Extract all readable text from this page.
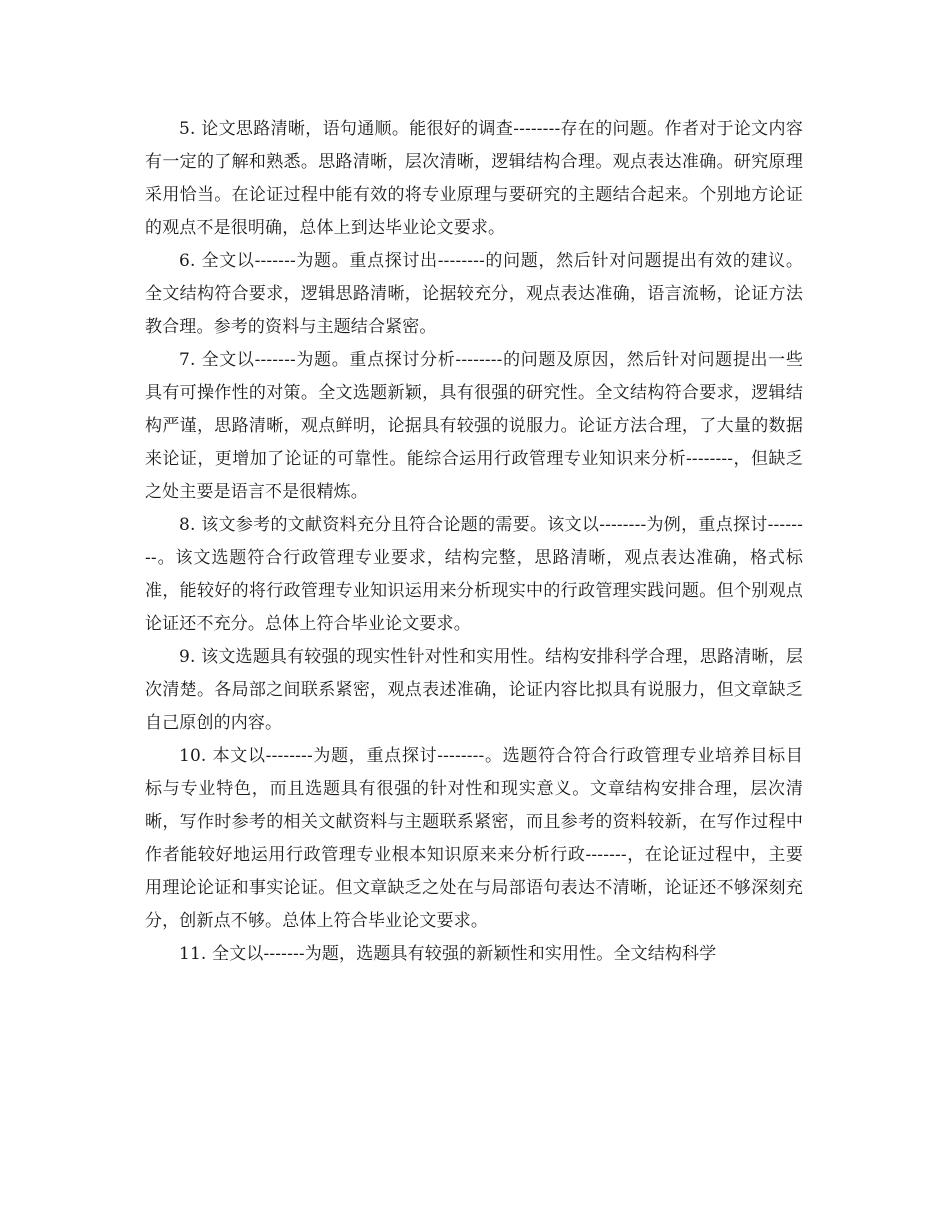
5. 论文思路清晰，语句通顺。能很好的调查--------存在的问题。作者对于论文内容有一定的了解和熟悉。思路清晰，层次清晰，逻辑结构合理。观点表达准确。研究原理采用恰当。在论证过程中能有效的将专业原理与要研究的主题结合起来。个别地方论证的观点不是很明确，总体上到达毕业论文要求。

6. 全文以-------为题。重点探讨出--------的问题，然后针对问题提出有效的建议。全文结构符合要求，逻辑思路清晰，论据较充分，观点表达准确，语言流畅，论证方法教合理。参考的资料与主题结合紧密。

7. 全文以-------为题。重点探讨分析--------的问题及原因，然后针对问题提出一些具有可操作性的对策。全文选题新颖，具有很强的研究性。全文结构符合要求，逻辑结构严谨，思路清晰，观点鲜明，论据具有较强的说服力。论证方法合理，了大量的数据来论证，更增加了论证的可靠性。能综合运用行政管理专业知识来分析--------，但缺乏之处主要是语言不是很精炼。

8. 该文参考的文献资料充分且符合论题的需要。该文以--------为例，重点探讨--------。该文选题符合行政管理专业要求，结构完整，思路清晰，观点表达准确，格式标准，能较好的将行政管理专业知识运用来分析现实中的行政管理实践问题。但个别观点论证还不充分。总体上符合毕业论文要求。

9. 该文选题具有较强的现实性针对性和实用性。结构安排科学合理，思路清晰，层次清楚。各局部之间联系紧密，观点表述准确，论证内容比拟具有说服力，但文章缺乏自己原创的内容。

10. 本文以--------为题，重点探讨--------。选题符合符合行政管理专业培养目标目标与专业特色，而且选题具有很强的针对性和现实意义。文章结构安排合理，层次清晰，写作时参考的相关文献资料与主题联系紧密，而且参考的资料较新，在写作过程中作者能较好地运用行政管理专业根本知识原来来分析行政-------，在论证过程中，主要用理论论证和事实论证。但文章缺乏之处在与局部语句表达不清晰，论证还不够深刻充分，创新点不够。总体上符合毕业论文要求。

11. 全文以-------为题，选题具有较强的新颖性和实用性。全文结构科学
